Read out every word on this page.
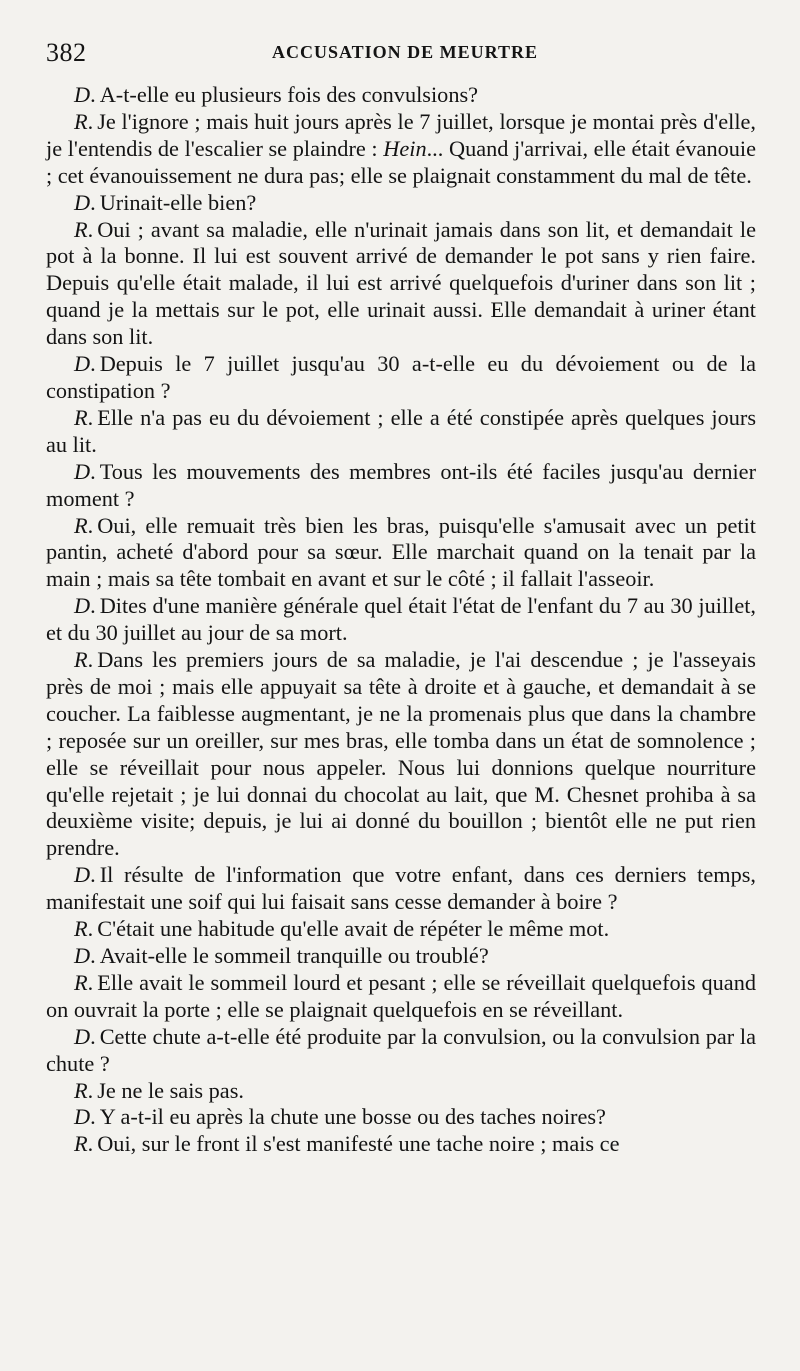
382	ACCUSATION DE MEURTRE

D. A-t-elle eu plusieurs fois des convulsions?

R. Je l'ignore ; mais huit jours après le 7 juillet, lorsque je montai près d'elle, je l'entendis de l'escalier se plaindre : Hein... Quand j'arrivai, elle était évanouie ; cet évanouissement ne dura pas; elle se plaignait constamment du mal de tête.

D. Urinait-elle bien?

R. Oui ; avant sa maladie, elle n'urinait jamais dans son lit, et demandait le pot à la bonne. Il lui est souvent arrivé de demander le pot sans y rien faire. Depuis qu'elle était malade, il lui est arrivé quelquefois d'uriner dans son lit ; quand je la mettais sur le pot, elle urinait aussi. Elle demandait à uriner étant dans son lit.

D. Depuis le 7 juillet jusqu'au 30 a-t-elle eu du dévoiement ou de la constipation ?

R. Elle n'a pas eu du dévoiement ; elle a été constipée après quelques jours au lit.

D. Tous les mouvements des membres ont-ils été faciles jusqu'au dernier moment ?

R. Oui, elle remuait très bien les bras, puisqu'elle s'amusait avec un petit pantin, acheté d'abord pour sa sœur. Elle marchait quand on la tenait par la main ; mais sa tête tombait en avant et sur le côté ; il fallait l'asseoir.

D. Dites d'une manière générale quel était l'état de l'enfant du 7 au 30 juillet, et du 30 juillet au jour de sa mort.

R. Dans les premiers jours de sa maladie, je l'ai descendue ; je l'asseyais près de moi ; mais elle appuyait sa tête à droite et à gauche, et demandait à se coucher. La faiblesse augmentant, je ne la promenais plus que dans la chambre ; reposée sur un oreiller, sur mes bras, elle tomba dans un état de somnolence ; elle se réveillait pour nous appeler. Nous lui donnions quelque nourriture qu'elle rejetait ; je lui donnai du chocolat au lait, que M. Chesnet prohiba à sa deuxième visite; depuis, je lui ai donné du bouillon ; bientôt elle ne put rien prendre.

D. Il résulte de l'information que votre enfant, dans ces derniers temps, manifestait une soif qui lui faisait sans cesse demander à boire ?

R. C'était une habitude qu'elle avait de répéter le même mot.

D. Avait-elle le sommeil tranquille ou troublé?

R. Elle avait le sommeil lourd et pesant ; elle se réveillait quelquefois quand on ouvrait la porte ; elle se plaignait quelquefois en se réveillant.

D. Cette chute a-t-elle été produite par la convulsion, ou la convulsion par la chute ?

R. Je ne le sais pas.

D. Y a-t-il eu après la chute une bosse ou des taches noires?

R. Oui, sur le front il s'est manifesté une tache noire ; mais ce
